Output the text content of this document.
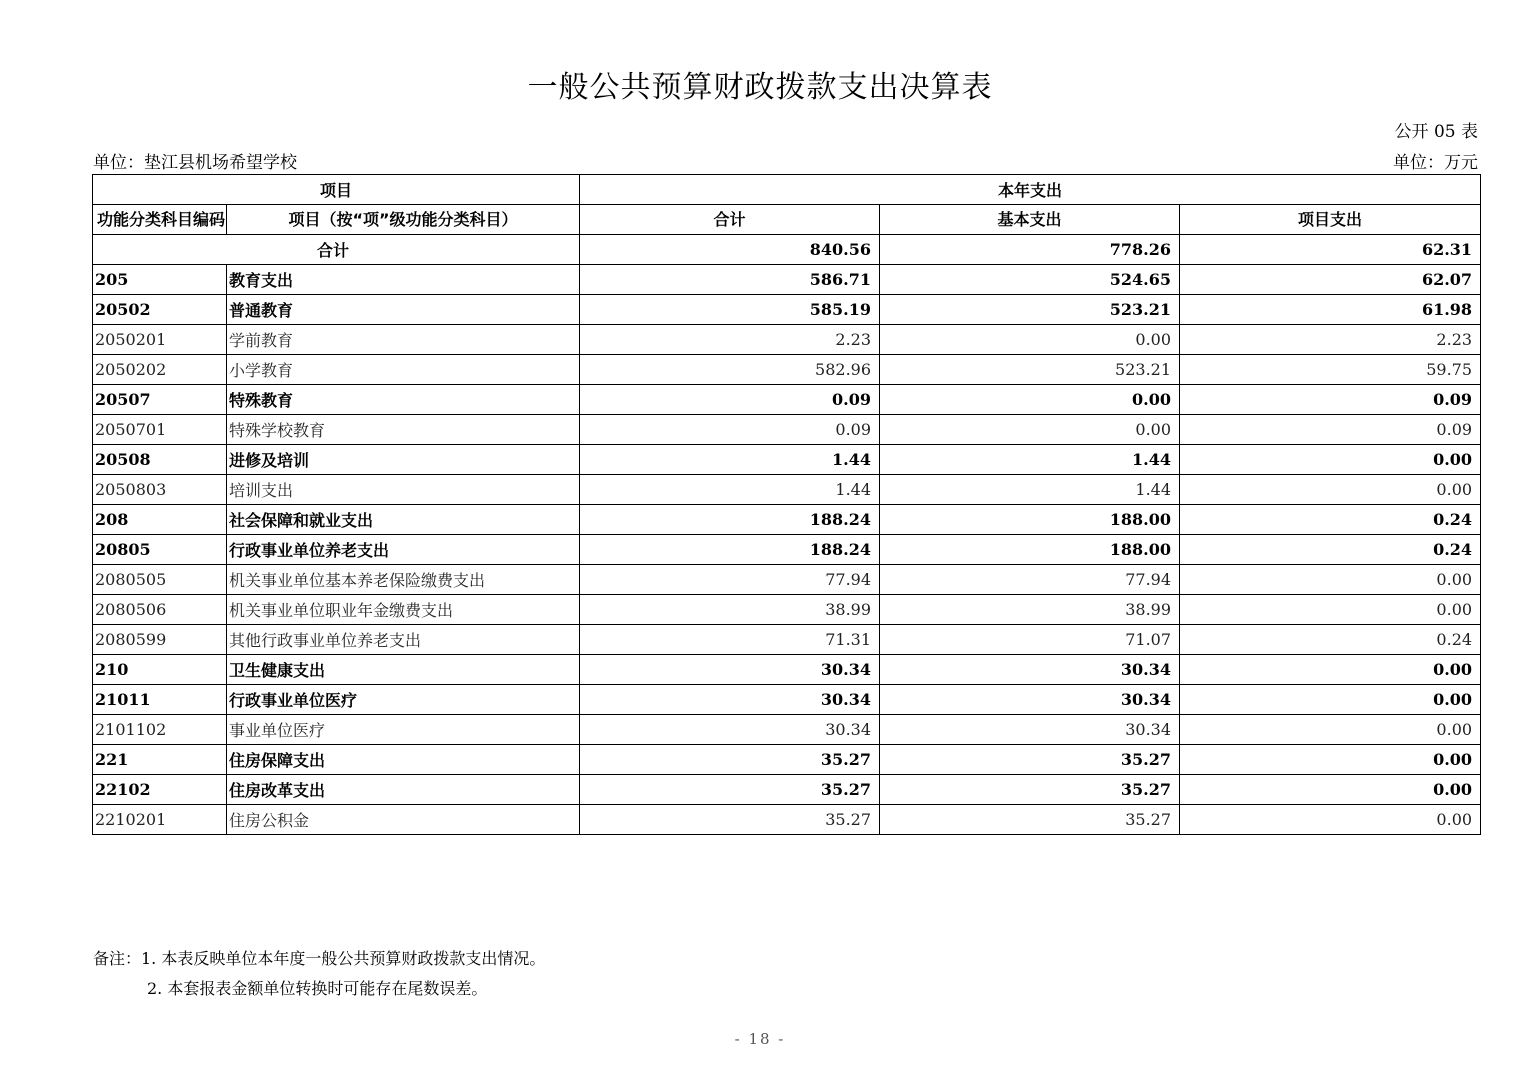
一般公共预算财政拨款支出决算表
公开 05 表
单位：垫江县机场希望学校	单位：万元
项目		本年支出		
功能分类科目编码	项目（按“项”级功能分类科目）	合计	基本支出	项目支出
合计		840.56	778.26	62.31
205	教育支出	586.71	524.65	62.07
20502	普通教育	585.19	523.21	61.98
2050201	学前教育	2.23	0.00	2.23
2050202	小学教育	582.96	523.21	59.75
20507	特殊教育	0.09	0.00	0.09
2050701	特殊学校教育	0.09	0.00	0.09
20508	进修及培训	1.44	1.44	0.00
2050803	培训支出	1.44	1.44	0.00
208	社会保障和就业支出	188.24	188.00	0.24
20805	行政事业单位养老支出	188.24	188.00	0.24
2080505	机关事业单位基本养老保险缴费支出	77.94	77.94	0.00
2080506	机关事业单位职业年金缴费支出	38.99	38.99	0.00
2080599	其他行政事业单位养老支出	71.31	71.07	0.24
210	卫生健康支出	30.34	30.34	0.00
21011	行政事业单位医疗	30.34	30.34	0.00
2101102	事业单位医疗	30.34	30.34	0.00
221	住房保障支出	35.27	35.27	0.00
22102	住房改革支出	35.27	35.27	0.00
2210201	住房公积金	35.27	35.27	0.00
备注：1. 本表反映单位本年度一般公共预算财政拨款支出情况。
2. 本套报表金额单位转换时可能存在尾数误差。
- 18 -
